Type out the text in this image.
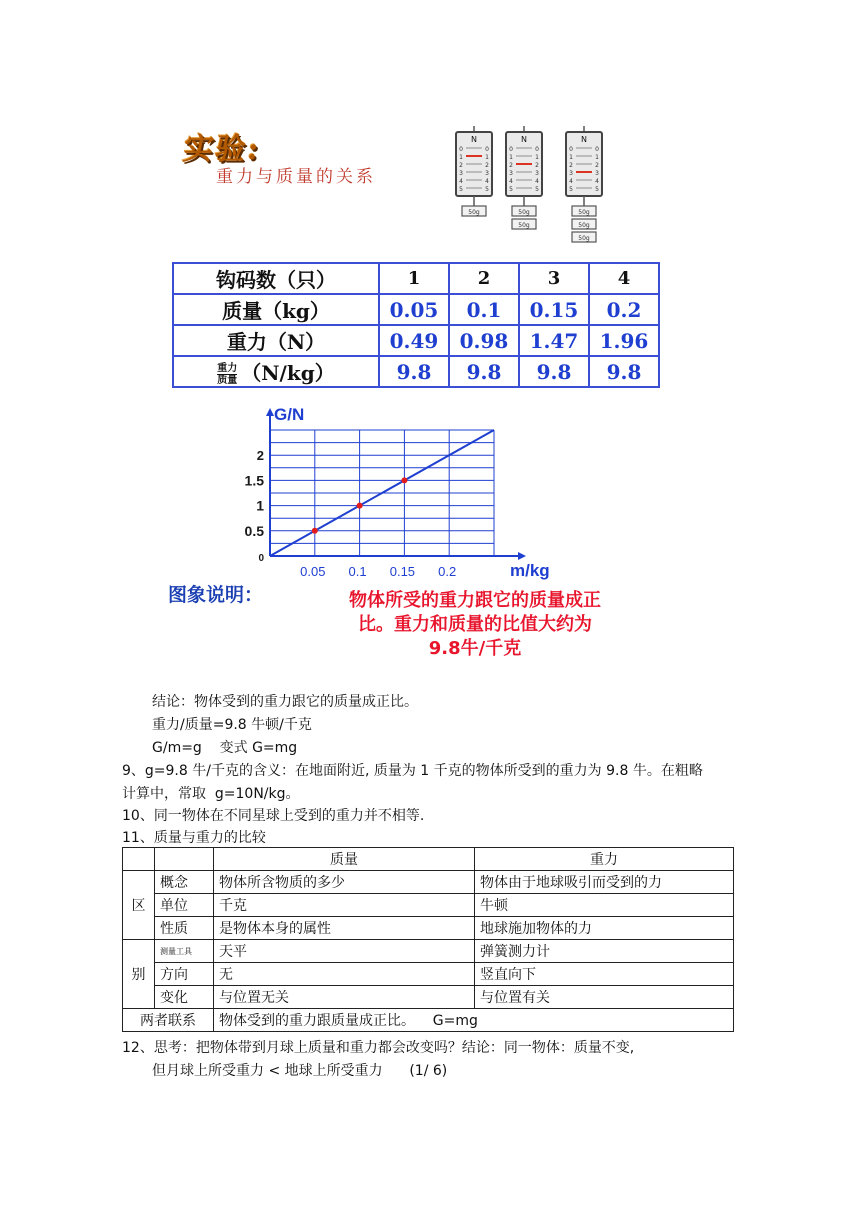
实验:
重力与质量的关系
N
0	0
1	1
2	2
3	3
4	4
5	5
50g
N
0	0
1	1
2	2
3	3
4	4
5	5
50g
50g
N
0	0
1	1
2	2
3	3
4	4
5	5
50g
50g
50g
钩码数（只）	1	2	3	4
质量（kg）	0.05	0.1	0.15	0.2
重力（N）	0.49	0.98	1.47	1.96

$\frac{\text{重力}}{\text{质量}} (N/kg)$	9.8	9.8	9.8	9.8
0
0.5
1
1.5
2
0.05 0.1 0.15 0.2
G/N
m/kg
图象说明：	物体所受的重力跟它的质量成正
比。重力和质量的比值大约为
9.8牛/千克
结论：物体受到的重力跟它的质量成正比。
重力/质量=9.8 牛顿/千克
G/m=g    变式 G=mg
9、g=9.8 牛/千克的含义：在地面附近, 质量为 1 千克的物体所受到的重力为 9.8 牛。在粗略
计算中，常取  g=10N/kg。
10、同一物体在不同星球上受到的重力并不相等.
11、质量与重力的比较
		质量	重力
区	概念	物体所含物质的多少	物体由于地球吸引而受到的力
	单位	千克	牛顿
	性质	是物体本身的属性	地球施加物体的力
别	测量工具	天平	弹簧测力计
	方向	无	竖直向下
	变化	与位置无关	与位置有关
两者联系		物体受到的重力跟质量成正比。    G=mg	
12、思考：把物体带到月球上质量和重力都会改变吗？结论：同一物体：质量不变,
但月球上所受重力 < 地球上所受重力      (1/ 6)
